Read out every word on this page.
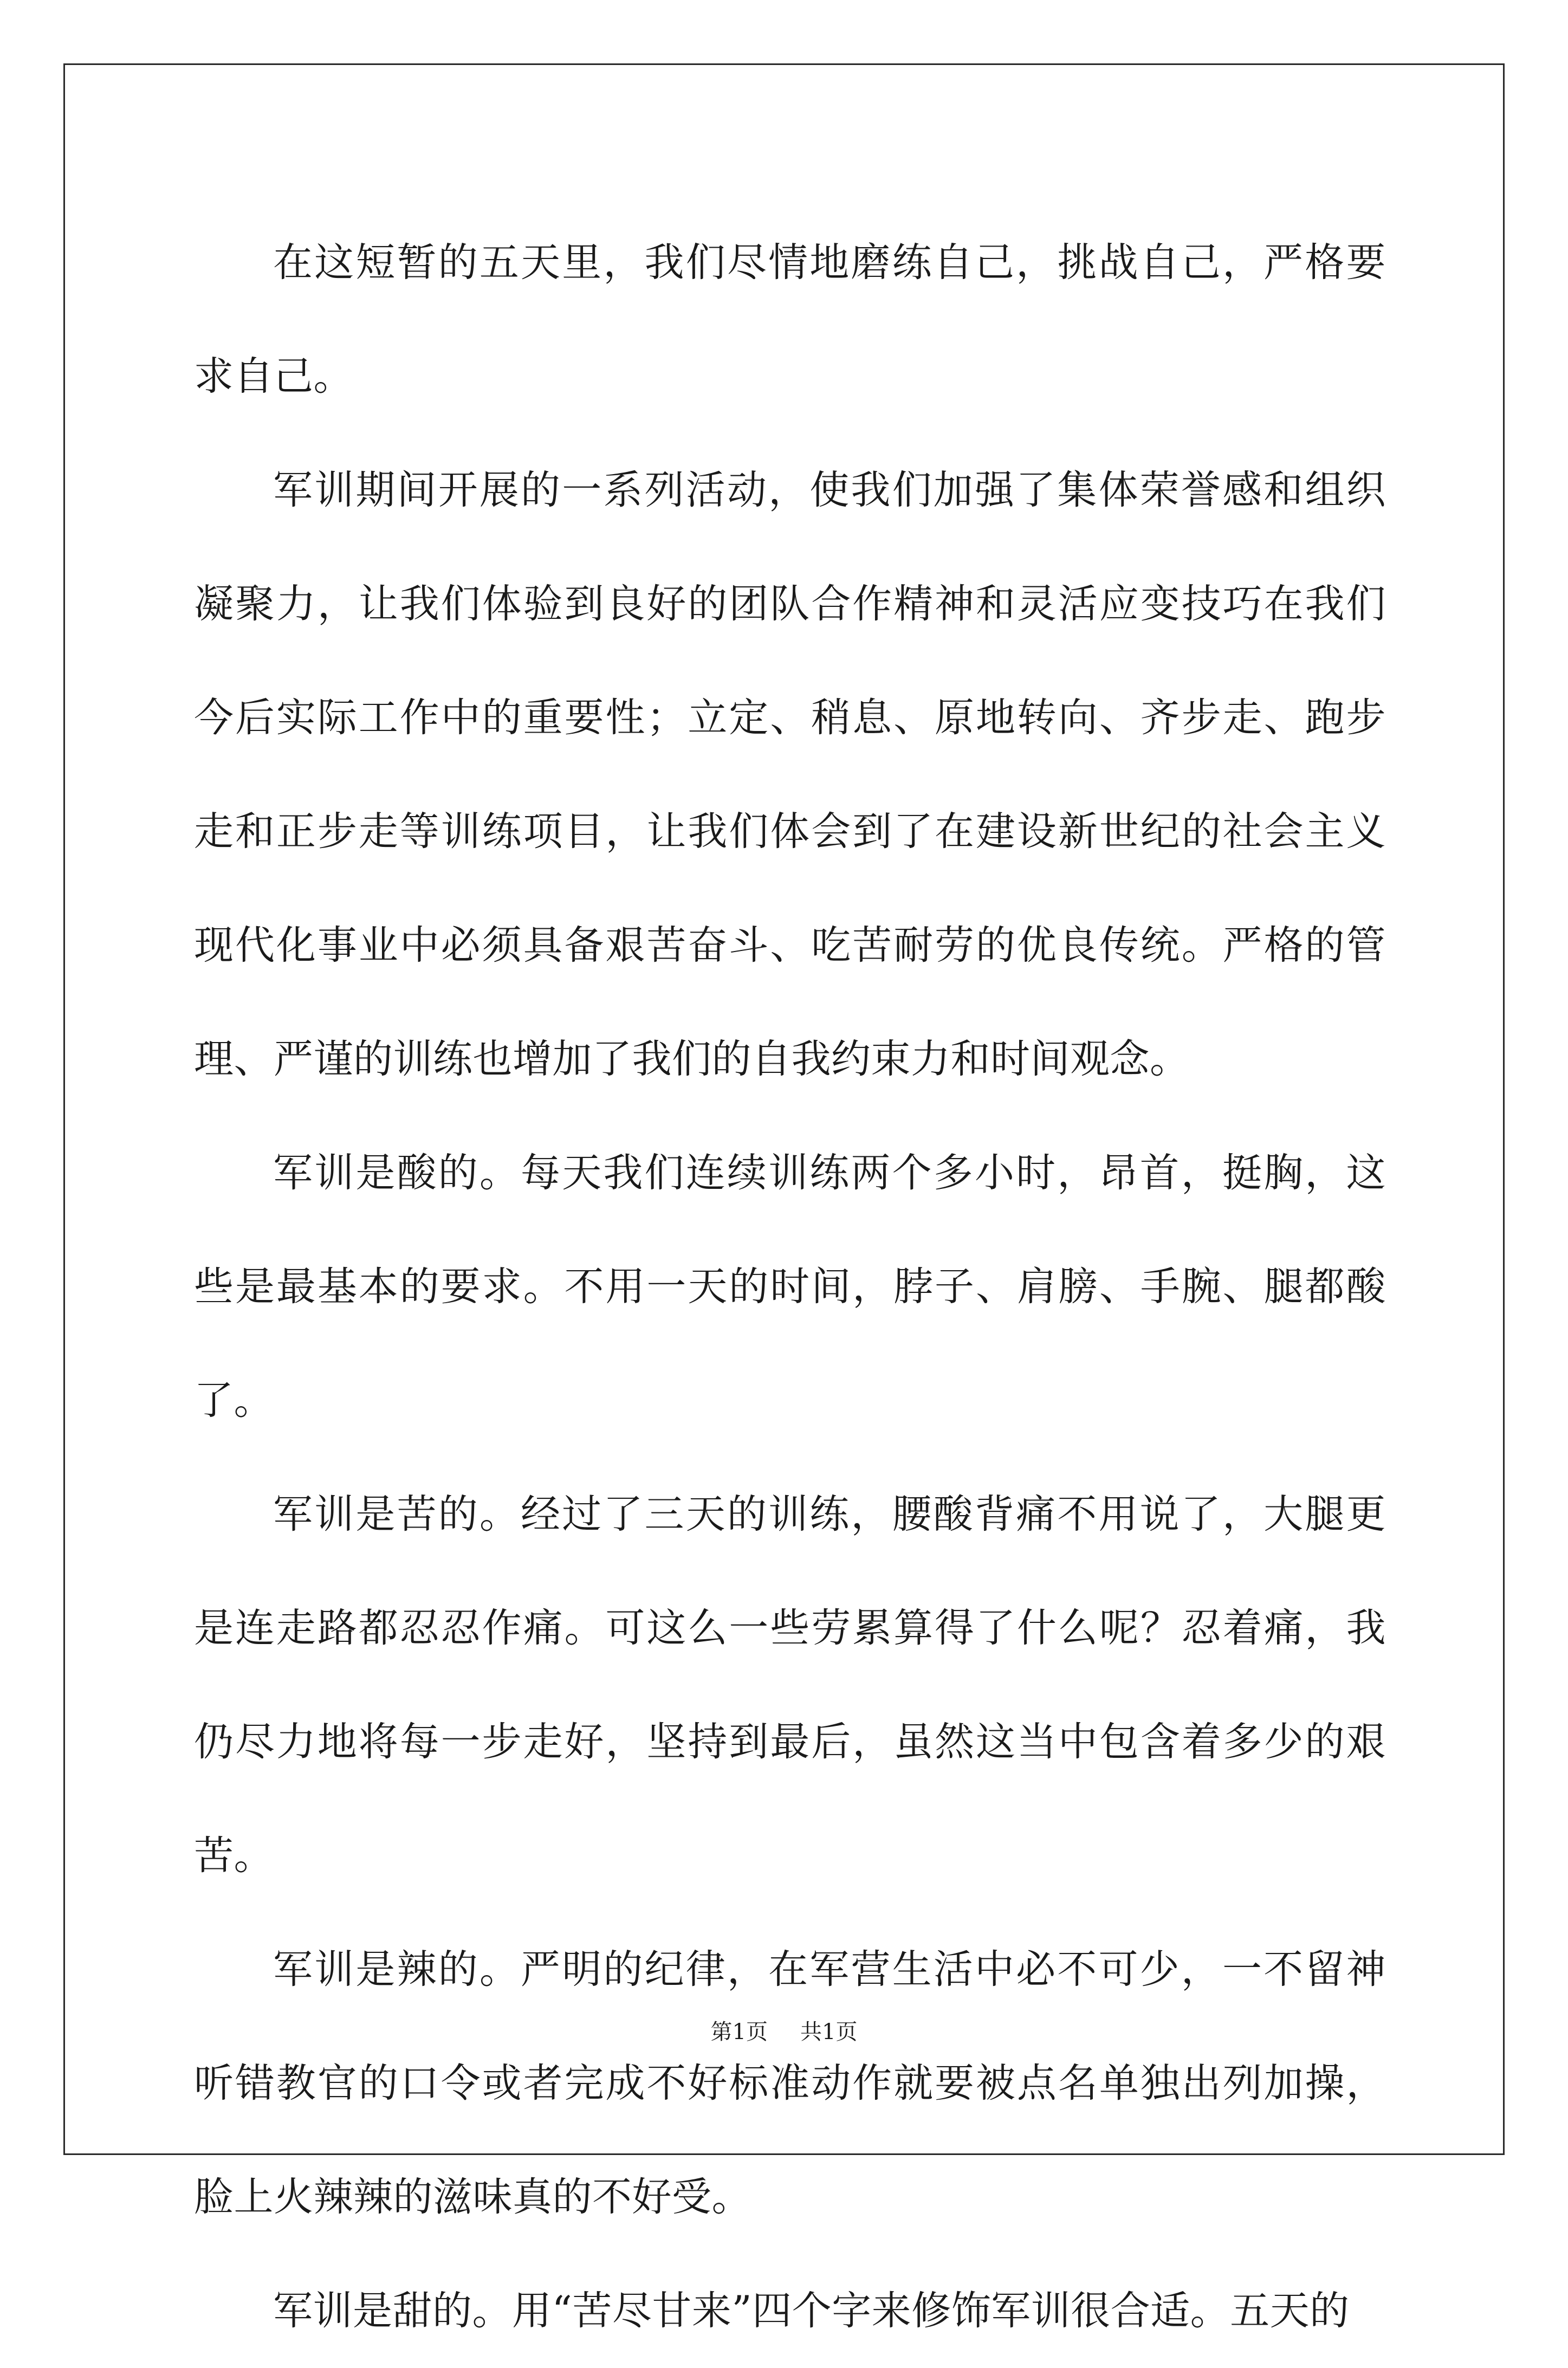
在这短暂的五天里，我们尽情地磨练自己，挑战自己，严格要求自己。

军训期间开展的一系列活动，使我们加强了集体荣誉感和组织凝聚力，让我们体验到良好的团队合作精神和灵活应变技巧在我们今后实际工作中的重要性；立定、稍息、原地转向、齐步走、跑步走和正步走等训练项目，让我们体会到了在建设新世纪的社会主义现代化事业中必须具备艰苦奋斗、吃苦耐劳的优良传统。严格的管理、严谨的训练也增加了我们的自我约束力和时间观念。

军训是酸的。每天我们连续训练两个多小时，昂首，挺胸，这些是最基本的要求。不用一天的时间，脖子、肩膀、手腕、腿都酸了。

军训是苦的。经过了三天的训练，腰酸背痛不用说了，大腿更是连走路都忍忍作痛。可这么一些劳累算得了什么呢？忍着痛，我仍尽力地将每一步走好，坚持到最后，虽然这当中包含着多少的艰苦。

军训是辣的。严明的纪律，在军营生活中必不可少，一不留神听错教官的口令或者完成不好标准动作就要被点名单独出列加操，脸上火辣辣的滋味真的不好受。

军训是甜的。用“苦尽甘来”四个字来修饰军训很合适。五天的

第1页 共1页
